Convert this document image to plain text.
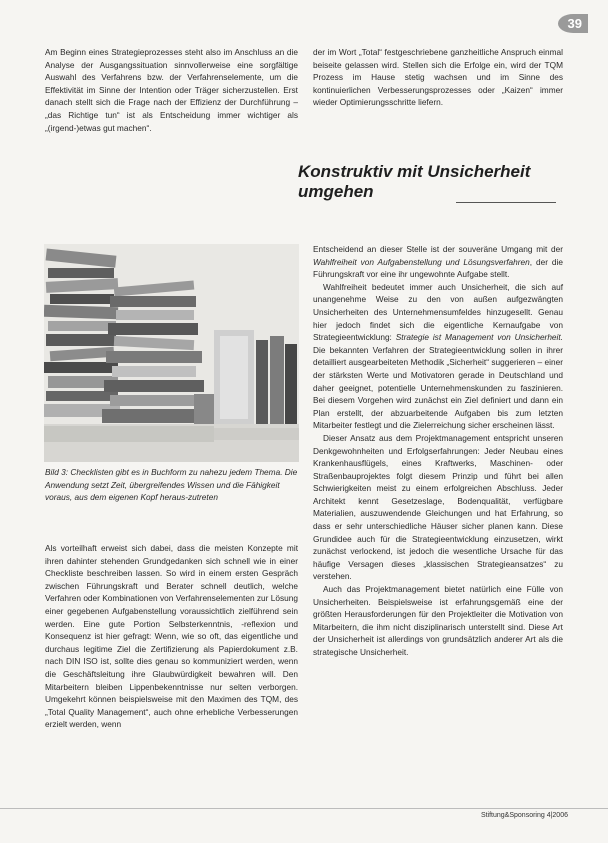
39

Am Beginn eines Strategieprozesses steht also im Anschluss an die Analyse der Ausgangssituation sinnvollerweise eine sorgfältige Auswahl des Verfahrens bzw. der Verfahrenselemente, um die Effektivität im Sinne der Intention oder Träger sicherzustellen. Erst danach stellt sich die Frage nach der Effizienz der Durchführung – „das Richtige tun“ ist als Entscheidung immer wichtiger als „(irgend-)etwas gut machen“.

der im Wort „Total“ festgeschriebene ganzheitliche Anspruch einmal beiseite gelassen wird. Stellen sich die Erfolge ein, wird der TQM Prozess im Hause stetig wachsen und im Sinne des kontinuierlichen Verbesserungsprozesses oder „Kaizen“ immer wieder Optimierungsschritte liefern.

Konstruktiv mit Unsicherheit umgehen
Bild 3: Checklisten gibt es in Buchform zu nahezu jedem Thema. Die Anwendung setzt Zeit, übergreifendes Wissen und die Fähigkeit voraus, aus dem eigenen Kopf heraus-zutreten

Als vorteilhaft erweist sich dabei, dass die meisten Konzepte mit ihren dahinter stehenden Grundgedanken sich schnell wie in einer Checkliste beschreiben lassen. So wird in einem ersten Gespräch zwischen Führungskraft und Berater schnell deutlich, welche Verfahren oder Kombinationen von Verfahrenselementen zur Lösung einer gegebenen Aufgabenstellung voraussichtlich zielführend sein werden. Eine gute Portion Selbsterkenntnis, -reflexion und Konsequenz ist hier gefragt: Wenn, wie so oft, das eigentliche und durchaus legitime Ziel die Zertifizierung als Papierdokument z.B. nach DIN ISO ist, sollte dies genau so kommuniziert werden, wenn die Geschäftsleitung ihre Glaubwürdigkeit bewahren will. Den Mitarbeitern bleiben Lippenbekenntnisse nur selten verborgen. Umgekehrt können beispielsweise mit den Maximen des TQM, des „Total Quality Management“, auch ohne erhebliche Verbesserungen erzielt werden, wenn

Entscheidend an dieser Stelle ist der souveräne Umgang mit der Wahlfreiheit von Aufgabenstellung und Lösungsverfahren, der die Führungskraft vor eine ihr ungewohnte Aufgabe stellt.

Wahlfreiheit bedeutet immer auch Unsicherheit, die sich auf unangenehme Weise zu den von außen aufgezwängten Unsicherheiten des Unternehmensumfeldes hinzugesellt. Genau hier jedoch findet sich die eigentliche Kernaufgabe von Strategieentwicklung: Strategie ist Management von Unsicherheit. Die bekannten Verfahren der Strategieentwicklung sollen in ihrer detailliert ausgearbeiteten Methodik „Sicherheit“ suggerieren – einer der stärksten Werte und Motivatoren gerade in Deutschland und daher geeignet, potentielle Unternehmenskunden zu faszinieren. Bei diesem Vorgehen wird zunächst ein Ziel definiert und dann ein Plan erstellt, der abzuarbeitende Aufgaben bis zum letzten Mitarbeiter festlegt und die Zielerreichung sicher erscheinen lässt.

Dieser Ansatz aus dem Projektmanagement entspricht unseren Denkgewohnheiten und Erfolgserfahrungen: Jeder Neubau eines Krankenhausflügels, eines Kraftwerks, Maschinen- oder Straßenbauprojektes folgt diesem Prinzip und führt bei allen Schwierigkeiten meist zu einem erfolgreichen Abschluss. Jeder Architekt kennt Gesetzeslage, Bodenqualität, verfügbare Materialien, auszuwendende Gleichungen und hat Erfahrung, so dass er sehr unterschiedliche Häuser sicher planen kann. Diese Grundidee auch für die Strategieentwicklung einzusetzen, wirkt zunächst verlockend, ist jedoch die wesentliche Ursache für das häufige Versagen dieses „klassischen Strategieansatzes“ zu verstehen.

Auch das Projektmanagement bietet natürlich eine Fülle von Unsicherheiten. Beispielsweise ist erfahrungsgemäß eine der größten Herausforderungen für den Projektleiter die Motivation von Mitarbeitern, die ihm nicht disziplinarisch unterstellt sind. Diese Art der Unsicherheit ist allerdings von grundsätzlich anderer Art als die strategische Unsicherheit.

Stiftung&Sponsoring 4|2006
